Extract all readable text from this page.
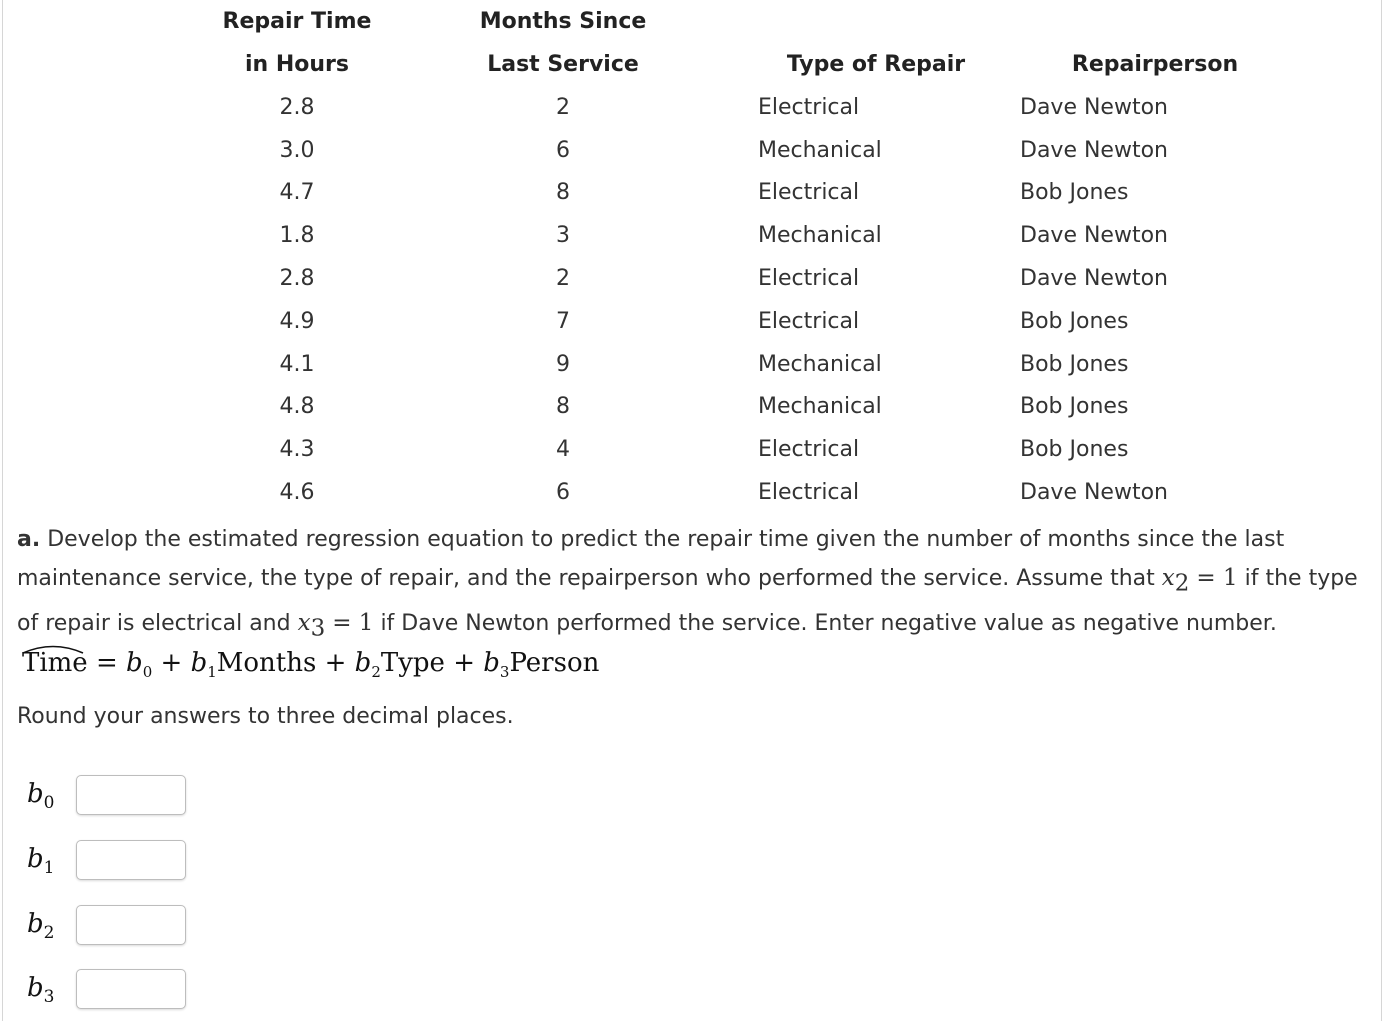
Repair Time	Months Since		
in Hours	Last Service	Type of Repair	Repairperson
2.8	2	Electrical	Dave Newton
3.0	6	Mechanical	Dave Newton
4.7	8	Electrical	Bob Jones
1.8	3	Mechanical	Dave Newton
2.8	2	Electrical	Dave Newton
4.9	7	Electrical	Bob Jones
4.1	9	Mechanical	Bob Jones
4.8	8	Mechanical	Bob Jones
4.3	4	Electrical	Bob Jones
4.6	6	Electrical	Dave Newton
a. Develop the estimated regression equation to predict the repair time given the number of months since the last maintenance service, the type of repair, and the repairperson who performed the service. Assume that $x_2 = 1$ if the type of repair is electrical and $x_3 = 1$ if Dave Newton performed the service. Enter negative value as negative number.
Time = $b_0$ + $b_1Months$ + $b_2Type$ + $b_3Person$
Round your answers to three decimal places.
$b_0$
$b_1$
$b_2$
$b_3$
